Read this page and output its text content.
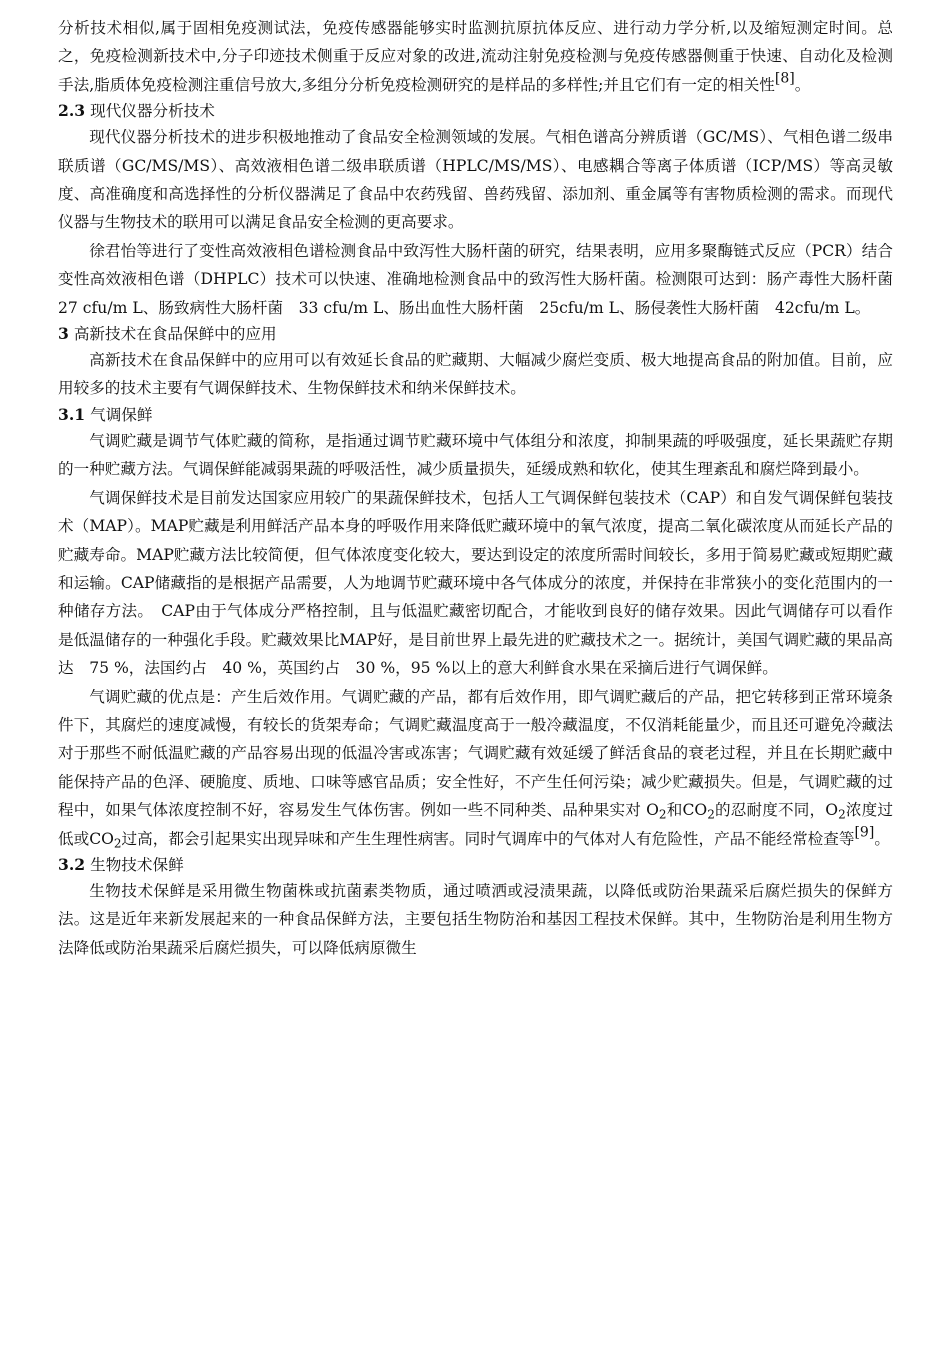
分析技术相似,属于固相免疫测试法，免疫传感器能够实时监测抗原抗体反应、进行动力学分析,以及缩短测定时间。总之，免疫检测新技术中,分子印迹技术侧重于反应对象的改进,流动注射免疫检测与免疫传感器侧重于快速、自动化及检测手法,脂质体免疫检测注重信号放大,多组分分析免疫检测研究的是样品的多样性;并且它们有一定的相关性[8]。

2.3 现代仪器分析技术

现代仪器分析技术的进步积极地推动了食品安全检测领域的发展。气相色谱高分辨质谱（GC/MS）、气相色谱二级串联质谱（GC/MS/MS）、高效液相色谱二级串联质谱（HPLC/MS/MS）、电感耦合等离子体质谱（ICP/MS）等高灵敏度、高准确度和高选择性的分析仪器满足了食品中农药残留、兽药残留、添加剂、重金属等有害物质检测的需求。而现代仪器与生物技术的联用可以满足食品安全检测的更高要求。

徐君怡等进行了变性高效液相色谱检测食品中致泻性大肠杆菌的研究，结果表明，应用多聚酶链式反应（PCR）结合变性高效液相色谱（DHPLC）技术可以快速、准确地检测食品中的致泻性大肠杆菌。检测限可达到：肠产毒性大肠杆菌　27 cfu/m L、肠致病性大肠杆菌　33 cfu/m L、肠出血性大肠杆菌　25cfu/m L、肠侵袭性大肠杆菌　42cfu/m L。

3 高新技术在食品保鲜中的应用

高新技术在食品保鲜中的应用可以有效延长食品的贮藏期、大幅减少腐烂变质、极大地提高食品的附加值。目前，应用较多的技术主要有气调保鲜技术、生物保鲜技术和纳米保鲜技术。

3.1 气调保鲜

气调贮藏是调节气体贮藏的简称，是指通过调节贮藏环境中气体组分和浓度，抑制果蔬的呼吸强度，延长果蔬贮存期的一种贮藏方法。气调保鲜能减弱果蔬的呼吸活性，减少质量损失，延缓成熟和软化，使其生理紊乱和腐烂降到最小。

气调保鲜技术是目前发达国家应用较广的果蔬保鲜技术，包括人工气调保鲜包装技术（CAP）和自发气调保鲜包装技术（MAP）。MAP贮藏是利用鲜活产品本身的呼吸作用来降低贮藏环境中的氧气浓度，提高二氧化碳浓度从而延长产品的贮藏寿命。MAP贮藏方法比较简便，但气体浓度变化较大，要达到设定的浓度所需时间较长，多用于简易贮藏或短期贮藏和运输。CAP储藏指的是根据产品需要，人为地调节贮藏环境中各气体成分的浓度，并保持在非常狭小的变化范围内的一种储存方法。　CAP由于气体成分严格控制，且与低温贮藏密切配合，才能收到良好的储存效果。因此气调储存可以看作是低温储存的一种强化手段。贮藏效果比MAP好，是目前世界上最先进的贮藏技术之一。据统计，美国气调贮藏的果品高达　75 %，法国约占　40 %，英国约占　30 %，95 %以上的意大利鲜食水果在采摘后进行气调保鲜。

气调贮藏的优点是：产生后效作用。气调贮藏的产品，都有后效作用，即气调贮藏后的产品，把它转移到正常环境条件下，其腐烂的速度减慢，有较长的货架寿命；气调贮藏温度高于一般冷藏温度，不仅消耗能量少，而且还可避免冷藏法对于那些不耐低温贮藏的产品容易出现的低温冷害或冻害；气调贮藏有效延缓了鲜活食品的衰老过程，并且在长期贮藏中能保持产品的色泽、硬脆度、质地、口味等感官品质；安全性好，不产生任何污染；减少贮藏损失。但是，气调贮藏的过程中，如果气体浓度控制不好，容易发生气体伤害。例如一些不同种类、品种果实对 $O_2$和$CO_2$的忍耐度不同，$O_2$浓度过低或$CO_2$过高，都会引起果实出现异味和产生生理性病害。同时气调库中的气体对人有危险性，产品不能经常检查等[9]。

3.2 生物技术保鲜

生物技术保鲜是采用微生物菌株或抗菌素类物质，通过喷洒或浸渍果蔬，以降低或防治果蔬采后腐烂损失的保鲜方法。这是近年来新发展起来的一种食品保鲜方法，主要包括生物防治和基因工程技术保鲜。其中，生物防治是利用生物方法降低或防治果蔬采后腐烂损失，可以降低病原微生
